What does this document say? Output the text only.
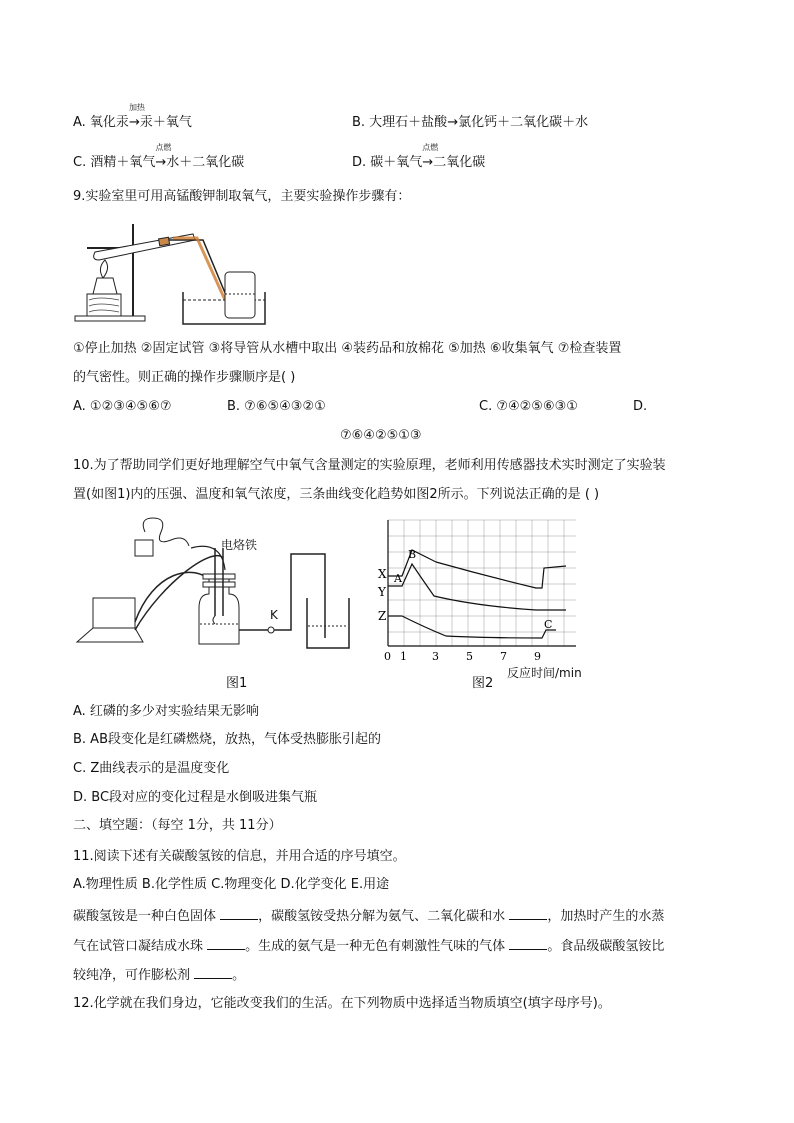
A. 氧化汞
加热
→汞＋氧气	B. 大理石＋盐酸→氯化钙＋二氧化碳＋水
C. 酒精＋氧气
点燃
→水＋二氧化碳	D. 碳＋氧气
点燃
→二氧化碳
9.实验室里可用高锰酸钾制取氧气，主要实验操作步骤有：
①停止加热 ②固定试管 ③将导管从水槽中取出 ④装药品和放棉花 ⑤加热 ⑥收集氧气 ⑦检查装置
的气密性。则正确的操作步骤顺序是( )
A. ①②③④⑤⑥⑦	B. ⑦⑥⑤④③②①	C. ⑦④②⑤⑥③①	D.
⑦⑥④②⑤①③
10.为了帮助同学们更好地理解空气中氧气含量测定的实验原理，老师利用传感器技术实时测定了实验装
置(如图1)内的压强、温度和氧气浓度，三条曲线变化趋势如图2所示。下列说法正确的是 ( )
电烙铁
K
图1
X
Y
Z
A
B
C
0 1 3 5 7 9
反应时间/min
图2
A. 红磷的多少对实验结果无影响
B. AB段变化是红磷燃烧，放热，气体受热膨胀引起的
C. Z曲线表示的是温度变化
D. BC段对应的变化过程是水倒吸进集气瓶
二、填空题：（每空 1分，共 11分）
11.阅读下述有关碳酸氢铵的信息，并用合适的序号填空。
A.物理性质 B.化学性质 C.物理变化 D.化学变化 E.用途
碳酸氢铵是一种白色固体	，碳酸氢铵受热分解为氨气、二氧化碳和水	，加热时产生的水蒸
气在试管口凝结成水珠	。生成的氨气是一种无色有刺激性气味的气体	。食品级碳酸氢铵比
较纯净，可作膨松剂	。
12.化学就在我们身边，它能改变我们的生活。在下列物质中选择适当物质填空(填字母序号)。
